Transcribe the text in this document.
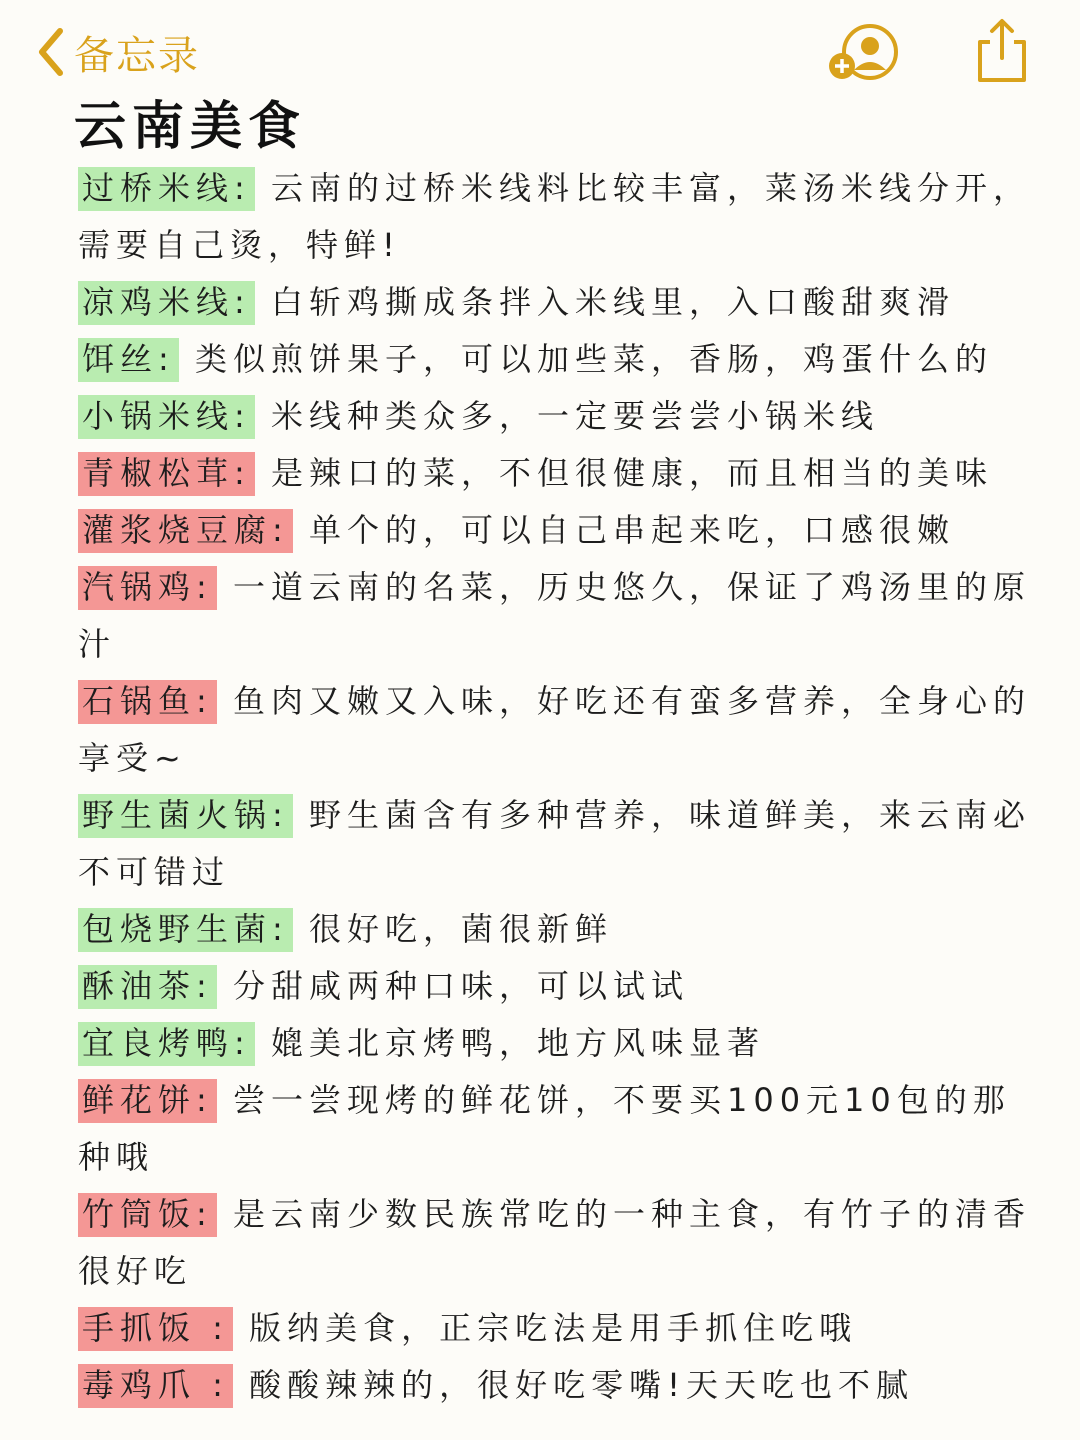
备忘录
云南美食

过桥米线: 云南的过桥米线料比较丰富，菜汤米线分开，需要自己烫，特鲜!

凉鸡米线: 白斩鸡撕成条拌入米线里，入口酸甜爽滑

饵丝: 类似煎饼果子，可以加些菜，香肠，鸡蛋什么的

小锅米线: 米线种类众多，一定要尝尝小锅米线

青椒松茸: 是辣口的菜，不但很健康，而且相当的美味

灌浆烧豆腐: 单个的，可以自己串起来吃，口感很嫩

汽锅鸡: 一道云南的名菜，历史悠久，保证了鸡汤里的原汁

石锅鱼: 鱼肉又嫩又入味，好吃还有蛮多营养，全身心的享受~

野生菌火锅: 野生菌含有多种营养，味道鲜美，来云南必不可错过

包烧野生菌: 很好吃，菌很新鲜

酥油茶: 分甜咸两种口味，可以试试

宜良烤鸭: 媲美北京烤鸭，地方风味显著

鲜花饼: 尝一尝现烤的鲜花饼，不要买100元10包的那种哦

竹筒饭: 是云南少数民族常吃的一种主食，有竹子的清香很好吃

手抓饭 : 版纳美食，正宗吃法是用手抓住吃哦

毒鸡爪 : 酸酸辣辣的，很好吃零嘴!天天吃也不腻
